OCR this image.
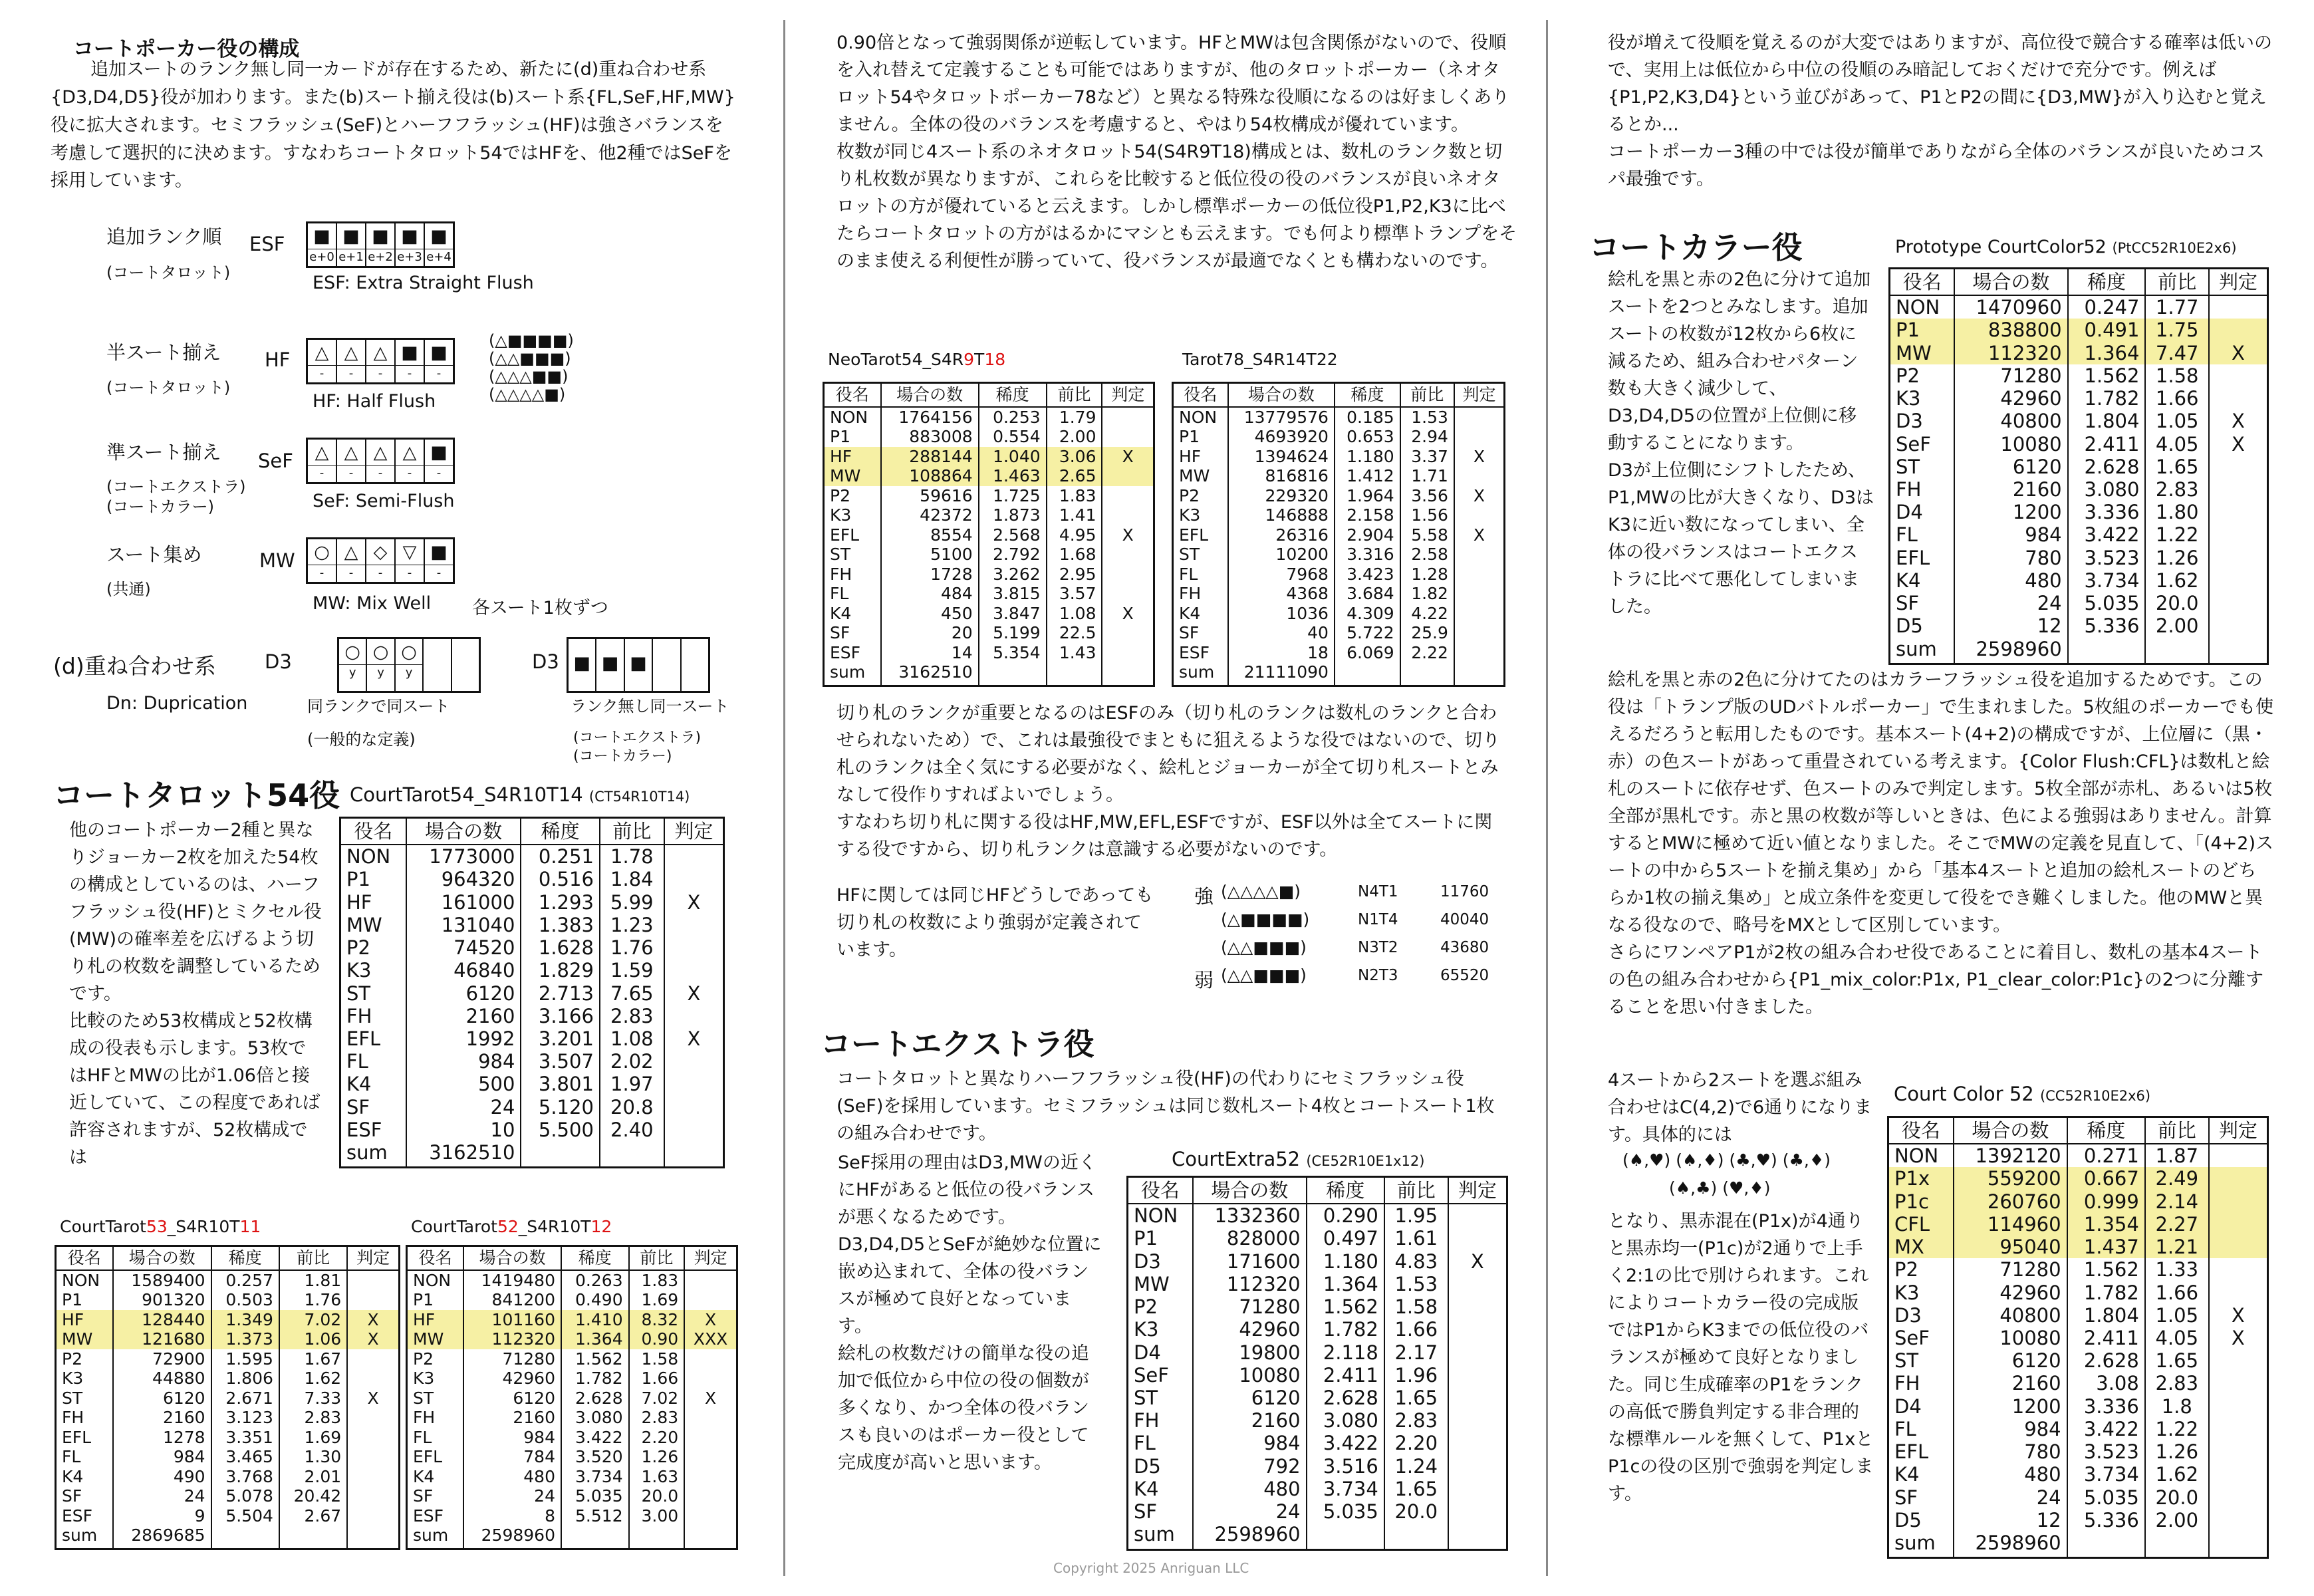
コートポーカー役の構成

追加スートのランク無し同一カードが存在するため、新たに(d)重ね合わせ系{D3,D4,D5}役が加わります。また(b)スート揃え役は(b)スート系{FL,SeF,HF,MW}役に拡大されます。セミフラッシュ(SeF)とハーフフラッシュ(HF)は強さバランスを考慮して選択的に決めます。すなわちコートタロット54ではHFを、他2種ではSeFを採用しています。

追加ランク順
(コートタロット)
ESF ■
e+0
■
e+1
■
e+2
■
e+3
■
e+4
ESF: Extra Straight Flush
半スート揃え
(コートタロット)
HF △
-
△
-
△
-
■
-
■
-
HF: Half Flush
(△■■■■)
(△△■■■)
(△△△■■)
(△△△△■)
準スート揃え
(コートエクストラ)
(コートカラー)
SeF △
-
△
-
△
-
△
-
■
-
SeF: Semi-Flush
スート集め
(共通)
MW ○
-
△
-
◇
-
▽
-
■
-
MW: Mix Well 各スート1枚ずつ
(d)重ね合わせ系	D3	○
y
○
y
○
y
Dn: Duprication	同ランクで同スート
(一般的な定義)
D3 ■ ■ ■
ランク無し同一スート
(コートエクストラ)
(コートカラー)
コートタロット54役 CourtTarot54_S4R10T14 (CT54R10T14)

他のコートポーカー2種と異なりジョーカー2枚を加えた54枚の構成としているのは、ハーフフラッシュ役(HF)とミクセル役(MW)の確率差を広げるよう切り札の枚数を調整しているためです。

比較のため53枚構成と52枚構成の役表も示します。53枚ではHFとMWの比が1.06倍と接近していて、この程度であれば許容されますが、52枚構成では

役名	場合の数	稀度	前比	判定
NON	1773000	0.251	1.78	
P1	964320	0.516	1.84	
HF	161000	1.293	5.99	X
MW	131040	1.383	1.23	
P2	74520	1.628	1.76	
K3	46840	1.829	1.59	
ST	6120	2.713	7.65	X
FH	2160	3.166	2.83	
EFL	1992	3.201	1.08	X
FL	984	3.507	2.02	
K4	500	3.801	1.97	
SF	24	5.120	20.8	
ESF	10	5.500	2.40	
sum	3162510			
CourtTarot53_S4R10T11
役名	場合の数	稀度	前比	判定
NON	1589400	0.257	1.81	
P1	901320	0.503	1.76	
HF	128440	1.349	7.02	X
MW	121680	1.373	1.06	X
P2	72900	1.595	1.67	
K3	44880	1.806	1.62	
ST	6120	2.671	7.33	X
FH	2160	3.123	2.83	
EFL	1278	3.351	1.69	
FL	984	3.465	1.30	
K4	490	3.768	2.01	
SF	24	5.078	20.42	
ESF	9	5.504	2.67	
sum	2869685			
CourtTarot52_S4R10T12
役名	場合の数	稀度	前比	判定
NON	1419480	0.263	1.83	
P1	841200	0.490	1.69	
HF	101160	1.410	8.32	X
MW	112320	1.364	0.90	XXX
P2	71280	1.562	1.58	
K3	42960	1.782	1.66	
ST	6120	2.628	7.02	X
FH	2160	3.080	2.83	
FL	984	3.422	2.20	
EFL	784	3.520	1.26	
K4	480	3.734	1.63	
SF	24	5.035	20.0	
ESF	8	5.512	3.00	
sum	2598960			

0.90倍となって強弱関係が逆転しています。HFとMWは包含関係がないので、役順を入れ替えて定義することも可能ではありますが、他のタロットポーカー（ネオタロット54やタロットポーカー78など）と異なる特殊な役順になるのは好ましくありません。全体の役のバランスを考慮すると、やはり54枚構成が優れています。

枚数が同じ4スート系のネオタロット54(S4R9T18)構成とは、数札のランク数と切り札枚数が異なりますが、これらを比較すると低位役の役のバランスが良いネオタロットの方が優れていると云えます。しかし標準ポーカーの低位役P1,P2,K3に比べたらコートタロットの方がはるかにマシとも云えます。でも何より標準トランプをそのまま使える利便性が勝っていて、役バランスが最適でなくとも構わないのです。

NeoTarot54_S4R9T18
役名	場合の数	稀度	前比	判定
NON	1764156	0.253	1.79	
P1	883008	0.554	2.00	
HF	288144	1.040	3.06	X
MW	108864	1.463	2.65	
P2	59616	1.725	1.83	
K3	42372	1.873	1.41	
EFL	8554	2.568	4.95	X
ST	5100	2.792	1.68	
FH	1728	3.262	2.95	
FL	484	3.815	3.57	
K4	450	3.847	1.08	X
SF	20	5.199	22.5	
ESF	14	5.354	1.43	
sum	3162510			
Tarot78_S4R14T22
役名	場合の数	稀度	前比	判定
NON	13779576	0.185	1.53	
P1	4693920	0.653	2.94	
HF	1394624	1.180	3.37	X
MW	816816	1.412	1.71	
P2	229320	1.964	3.56	X
K3	146888	2.158	1.56	
EFL	26316	2.904	5.58	X
ST	10200	3.316	2.58	
FL	7968	3.423	1.28	
FH	4368	3.684	1.82	
K4	1036	4.309	4.22	
SF	40	5.722	25.9	
ESF	18	6.069	2.22	
sum	21111090			

切り札のランクが重要となるのはESFのみ（切り札のランクは数札のランクと合わせられないため）で、これは最強役でまともに狙えるような役ではないので、切り札のランクは全く気にする必要がなく、絵札とジョーカーが全て切り札スートとみなして役作りすればよいでしょう。

すなわち切り札に関する役はHF,MW,EFL,ESFですが、ESF以外は全てスートに関する役ですから、切り札ランクは意識する必要がないのです。

HFに関しては同じHFどうしであっても切り札の枚数により強弱が定義されています。

強 (△△△△■)	N4T1	11760
(△■■■■)	N1T4	40040
(△△■■■)	N3T2	43680
弱 (△△■■■)	N2T3	65520
コートエクストラ役

コートタロットと異なりハーフフラッシュ役(HF)の代わりにセミフラッシュ役(SeF)を採用しています。セミフラッシュは同じ数札スート4枚とコートスート1枚の組み合わせです。

SeF採用の理由はD3,MWの近くにHFがあると低位の役バランスが悪くなるためです。

D3,D4,D5とSeFが絶妙な位置に嵌め込まれて、全体の役バランスが極めて良好となっています。

絵札の枚数だけの簡単な役の追加で低位から中位の役の個数が多くなり、かつ全体の役バランスも良いのはポーカー役として完成度が高いと思います。

CourtExtra52 (CE52R10E1x12)
役名	場合の数	稀度	前比	判定
NON	1332360	0.290	1.95	
P1	828000	0.497	1.61	
D3	171600	1.180	4.83	X
MW	112320	1.364	1.53	
P2	71280	1.562	1.58	
K3	42960	1.782	1.66	
D4	19800	2.118	2.17	
SeF	10080	2.411	1.96	
ST	6120	2.628	1.65	
FH	2160	3.080	2.83	
FL	984	3.422	2.20	
D5	792	3.516	1.24	
K4	480	3.734	1.65	
SF	24	5.035	20.0	
sum	2598960			
Copyright 2025 Anriguan LLC

役が増えて役順を覚えるのが大変ではありますが、高位役で競合する確率は低いので、実用上は低位から中位の役順のみ暗記しておくだけで充分です。例えば{P1,P2,K3,D4}という並びがあって、P1とP2の間に{D3,MW}が入り込むと覚えるとか...

コートポーカー3種の中では役が簡単でありながら全体のバランスが良いためコスパ最強です。

コートカラー役	Prototype CourtColor52 (PtCC52R10E2x6)

絵札を黒と赤の2色に分けて追加スートを2つとみなします。追加スートの枚数が12枚から6枚に減るため、組み合わせパターン数も大きく減少して、D3,D4,D5の位置が上位側に移動することになります。

D3が上位側にシフトしたため、P1,MWの比が大きくなり、D3はK3に近い数になってしまい、全体の役バランスはコートエクストラに比べて悪化してしまいました。

役名	場合の数	稀度	前比	判定
NON	1470960	0.247	1.77	
P1	838800	0.491	1.75	
MW	112320	1.364	7.47	X
P2	71280	1.562	1.58	
K3	42960	1.782	1.66	
D3	40800	1.804	1.05	X
SeF	10080	2.411	4.05	X
ST	6120	2.628	1.65	
FH	2160	3.080	2.83	
D4	1200	3.336	1.80	
FL	984	3.422	1.22	
EFL	780	3.523	1.26	
K4	480	3.734	1.62	
SF	24	5.035	20.0	
D5	12	5.336	2.00	
sum	2598960			

絵札を黒と赤の2色に分けてたのはカラーフラッシュ役を追加するためです。この役は「トランプ版のUDバトルポーカー」で生まれました。5枚組のポーカーでも使えるだろうと転用したものです。基本スート(4+2)の構成ですが、上位層に（黒・赤）の色スートがあって重畳されている考えます。{Color Flush:CFL}は数札と絵札のスートに依存せず、色スートのみで判定します。5枚全部が赤札、あるいは5枚全部が黒札です。赤と黒の枚数が等しいときは、色による強弱はありません。計算するとMWに極めて近い値となりました。そこでMWの定義を見直して、「(4+2)スートの中から5スートを揃え集め」から「基本4スートと追加の絵札スートのどちらか1枚の揃え集め」と成立条件を変更して役をでき難くしました。他のMWと異なる役なので、略号をMXとして区別しています。

さらにワンペアP1が2枚の組み合わせ役であることに着目し、数札の基本4スートの色の組み合わせから{P1_mix_color:P1x, P1_clear_color:P1c}の2つに分離することを思い付きました。

4スートから2スートを選ぶ組み合わせはC(4,2)で6通りになります。具体的には

(♠,♥) (♠,♦) (♣,♥) (♣,♦)
(♠,♣) (♥,♦)

となり、黒赤混在(P1x)が4通りと黒赤均一(P1c)が2通りで上手く2:1の比で別けられます。これによりコートカラー役の完成版ではP1からK3までの低位役のバランスが極めて良好となりました。同じ生成確率のP1をランクの高低で勝負判定する非合理的な標準ルールを無くして、P1xとP1cの役の区別で強弱を判定します。

Court Color 52 (CC52R10E2x6)
役名	場合の数	稀度	前比	判定
NON	1392120	0.271	1.87	
P1x	559200	0.667	2.49	
P1c	260760	0.999	2.14	
CFL	114960	1.354	2.27	
MX	95040	1.437	1.21	
P2	71280	1.562	1.33	
K3	42960	1.782	1.66	
D3	40800	1.804	1.05	X
SeF	10080	2.411	4.05	X
ST	6120	2.628	1.65	
FH	2160	3.08	2.83	
D4	1200	3.336	1.8	
FL	984	3.422	1.22	
EFL	780	3.523	1.26	
K4	480	3.734	1.62	
SF	24	5.035	20.0	
D5	12	5.336	2.00	
sum	2598960			
